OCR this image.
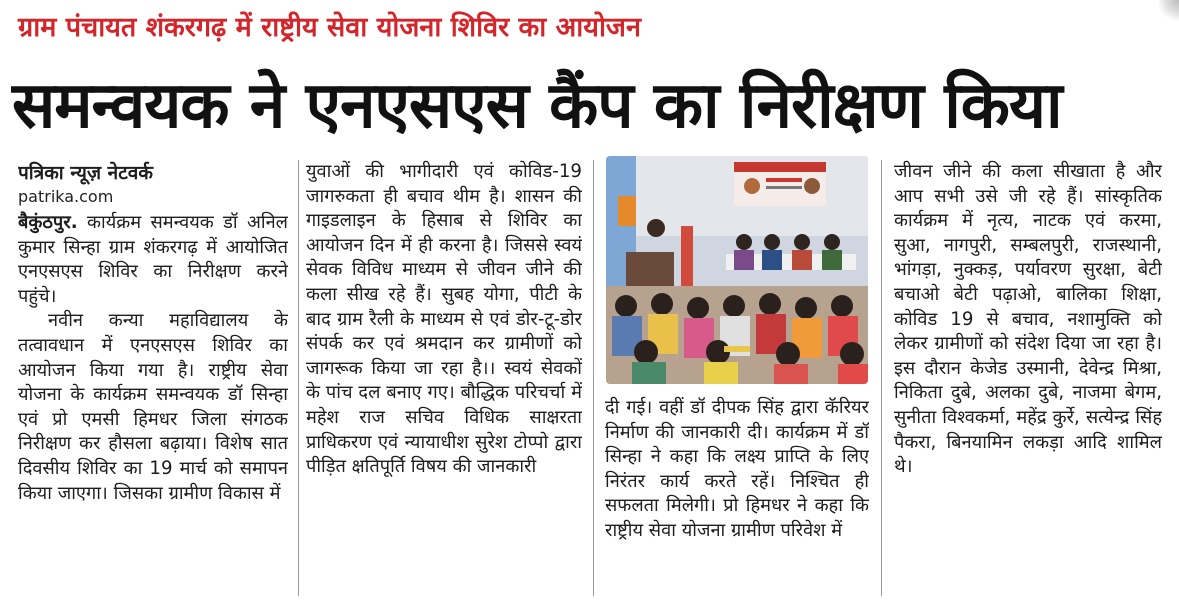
ग्राम पंचायत शंकरगढ़ में राष्ट्रीय सेवा योजना शिविर का आयोजन
समन्वयक ने एनएसएस कैंप का निरीक्षण किया
पत्रिका न्यूज़ नेटवर्क
patrika.com

बैकुंठपुर. कार्यक्रम समन्वयक डॉ अनिल कुमार सिन्हा ग्राम शंकरगढ़ में आयोजित एनएसएस शिविर का निरीक्षण करने पहुंचे।

नवीन कन्या महाविद्यालय के तत्वावधान में एनएसएस शिविर का आयोजन किया गया है। राष्ट्रीय सेवा योजना के कार्यक्रम समन्वयक डॉ सिन्हा एवं प्रो एमसी हिमधर जिला संगठक निरीक्षण कर हौसला बढ़ाया। विशेष सात दिवसीय शिविर का 19 मार्च को समापन किया जाएगा। जिसका ग्रामीण विकास में

युवाओं की भागीदारी एवं कोविड-19 जागरुकता ही बचाव थीम है। शासन की गाइडलाइन के हिसाब से शिविर का आयोजन दिन में ही करना है। जिससे स्वयं सेवक विविध माध्यम से जीवन जीने की कला सीख रहे हैं। सुबह योगा, पीटी के बाद ग्राम रैली के माध्यम से एवं डोर-टू-डोर संपर्क कर एवं श्रमदान कर ग्रामीणों को जागरूक किया जा रहा है।। स्वयं सेवकों के पांच दल बनाए गए। बौद्धिक परिचर्चा में महेश राज सचिव विधिक साक्षरता प्राधिकरण एवं न्यायाधीश सुरेश टोप्पो द्वारा पीड़ित क्षतिपूर्ति विषय की जानकारी

दी गई। वहीं डॉ दीपक सिंह द्वारा कॅरियर निर्माण की जानकारी दी। कार्यक्रम में डॉ सिन्हा ने कहा कि लक्ष्य प्राप्ति के लिए निरंतर कार्य करते रहें। निश्चित ही सफलता मिलेगी। प्रो हिमधर ने कहा कि राष्ट्रीय सेवा योजना ग्रामीण परिवेश में

जीवन जीने की कला सीखाता है और आप सभी उसे जी रहे हैं। सांस्कृतिक कार्यक्रम में नृत्य, नाटक एवं करमा, सुआ, नागपुरी, सम्बलपुरी, राजस्थानी, भांगड़ा, नुक्कड़, पर्यावरण सुरक्षा, बेटी बचाओ बेटी पढ़ाओ, बालिका शिक्षा, कोविड 19 से बचाव, नशामुक्ति को लेकर ग्रामीणों को संदेश दिया जा रहा है। इस दौरान केजेड उस्मानी, देवेन्द्र मिश्रा, निकिता दुबे, अलका दुबे, नाजमा बेगम, सुनीता विश्वकर्मा, महेंद्र कुर्रे, सत्येन्द्र सिंह पैकरा, बिनयामिन लकड़ा आदि शामिल थे।
